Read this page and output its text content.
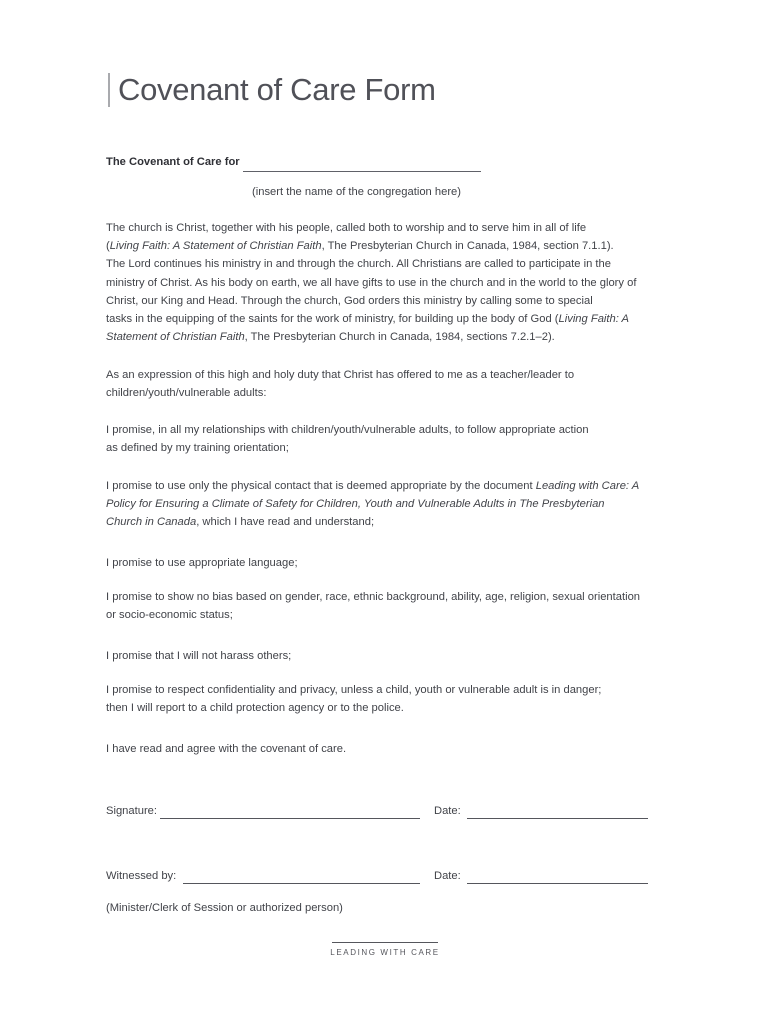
Covenant of Care Form
The Covenant of Care for
(insert the name of the congregation here)

The church is Christ, together with his people, called both to worship and to serve him in all of life

(Living Faith: A Statement of Christian Faith, The Presbyterian Church in Canada, 1984, section 7.1.1).

The Lord continues his ministry in and through the church. All Christians are called to participate in the

ministry of Christ. As his body on earth, we all have gifts to use in the church and in the world to the glory of

Christ, our King and Head. Through the church, God orders this ministry by calling some to special

tasks in the equipping of the saints for the work of ministry, for building up the body of God (Living Faith: A

Statement of Christian Faith, The Presbyterian Church in Canada, 1984, sections 7.2.1–2).

As an expression of this high and holy duty that Christ has offered to me as a teacher/leader to

children/youth/vulnerable adults:

I promise, in all my relationships with children/youth/vulnerable adults, to follow appropriate action

as defined by my training orientation;

I promise to use only the physical contact that is deemed appropriate by the document Leading with Care: A

Policy for Ensuring a Climate of Safety for Children, Youth and Vulnerable Adults in The Presbyterian

Church in Canada, which I have read and understand;

I promise to use appropriate language;

I promise to show no bias based on gender, race, ethnic background, ability, age, religion, sexual orientation

or socio-economic status;

I promise that I will not harass others;

I promise to respect confidentiality and privacy, unless a child, youth or vulnerable adult is in danger;

then I will report to a child protection agency or to the police.

I have read and agree with the covenant of care.

Signature:	Date:
Witnessed by:	Date:
(Minister/Clerk of Session or authorized person)
LEADING WITH CARE
